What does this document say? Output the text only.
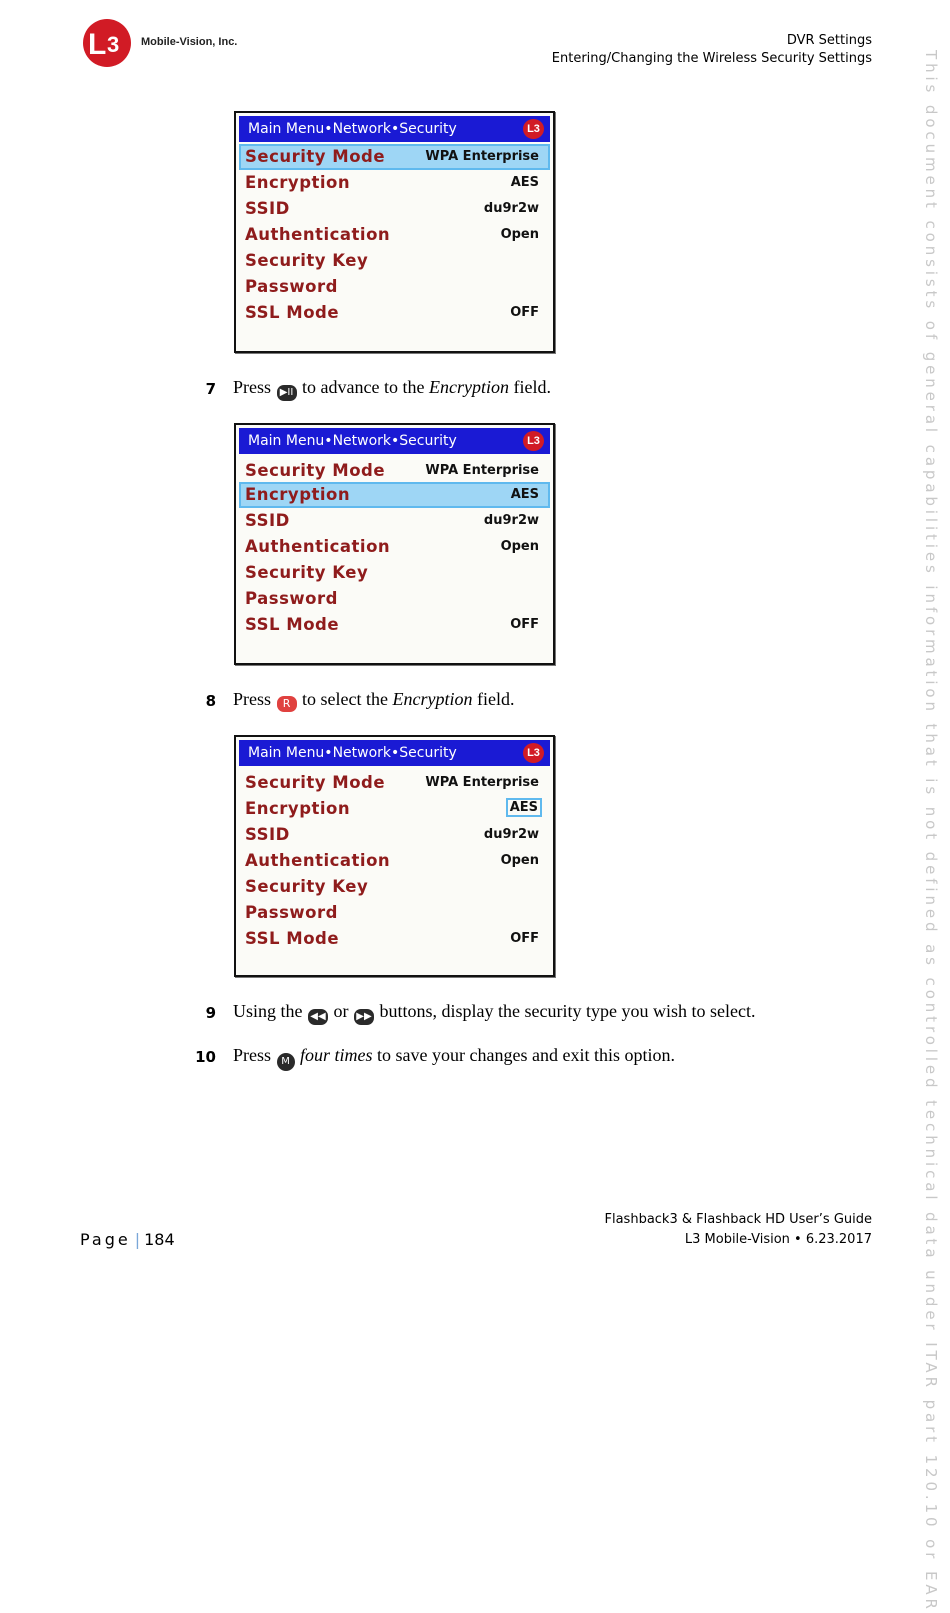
L 3 Mobile-Vision, Inc.	DVR Settings
Entering/Changing the Wireless Security Settings	This document consists of general capabilities information that is not defined as controlled technical data under ITAR part 120.10 or EAR
Main Menu•Network•Security	L3
Security Mode	WPA Enterprise
Encryption	AES
SSID	du9r2w
Authentication	Open
Security Key
Password
SSL Mode	OFF
7 Press ▶II to advance to the Encryption field.
Main Menu•Network•Security	L3
Security Mode	WPA Enterprise
Encryption	AES
SSID	du9r2w
Authentication	Open
Security Key
Password
SSL Mode	OFF
8 Press R to select the Encryption field.
Main Menu•Network•Security	L3
Security Mode	WPA Enterprise
Encryption	AES
SSID	du9r2w
Authentication	Open
Security Key
Password
SSL Mode	OFF
9 Using the ◀◀ or ▶▶ buttons, display the security type you wish to select.
10 Press M four times to save your changes and exit this option.
Flashback3 & Flashback HD User’s Guide
L3 Mobile-Vision • 6.23.2017
Page | 184
